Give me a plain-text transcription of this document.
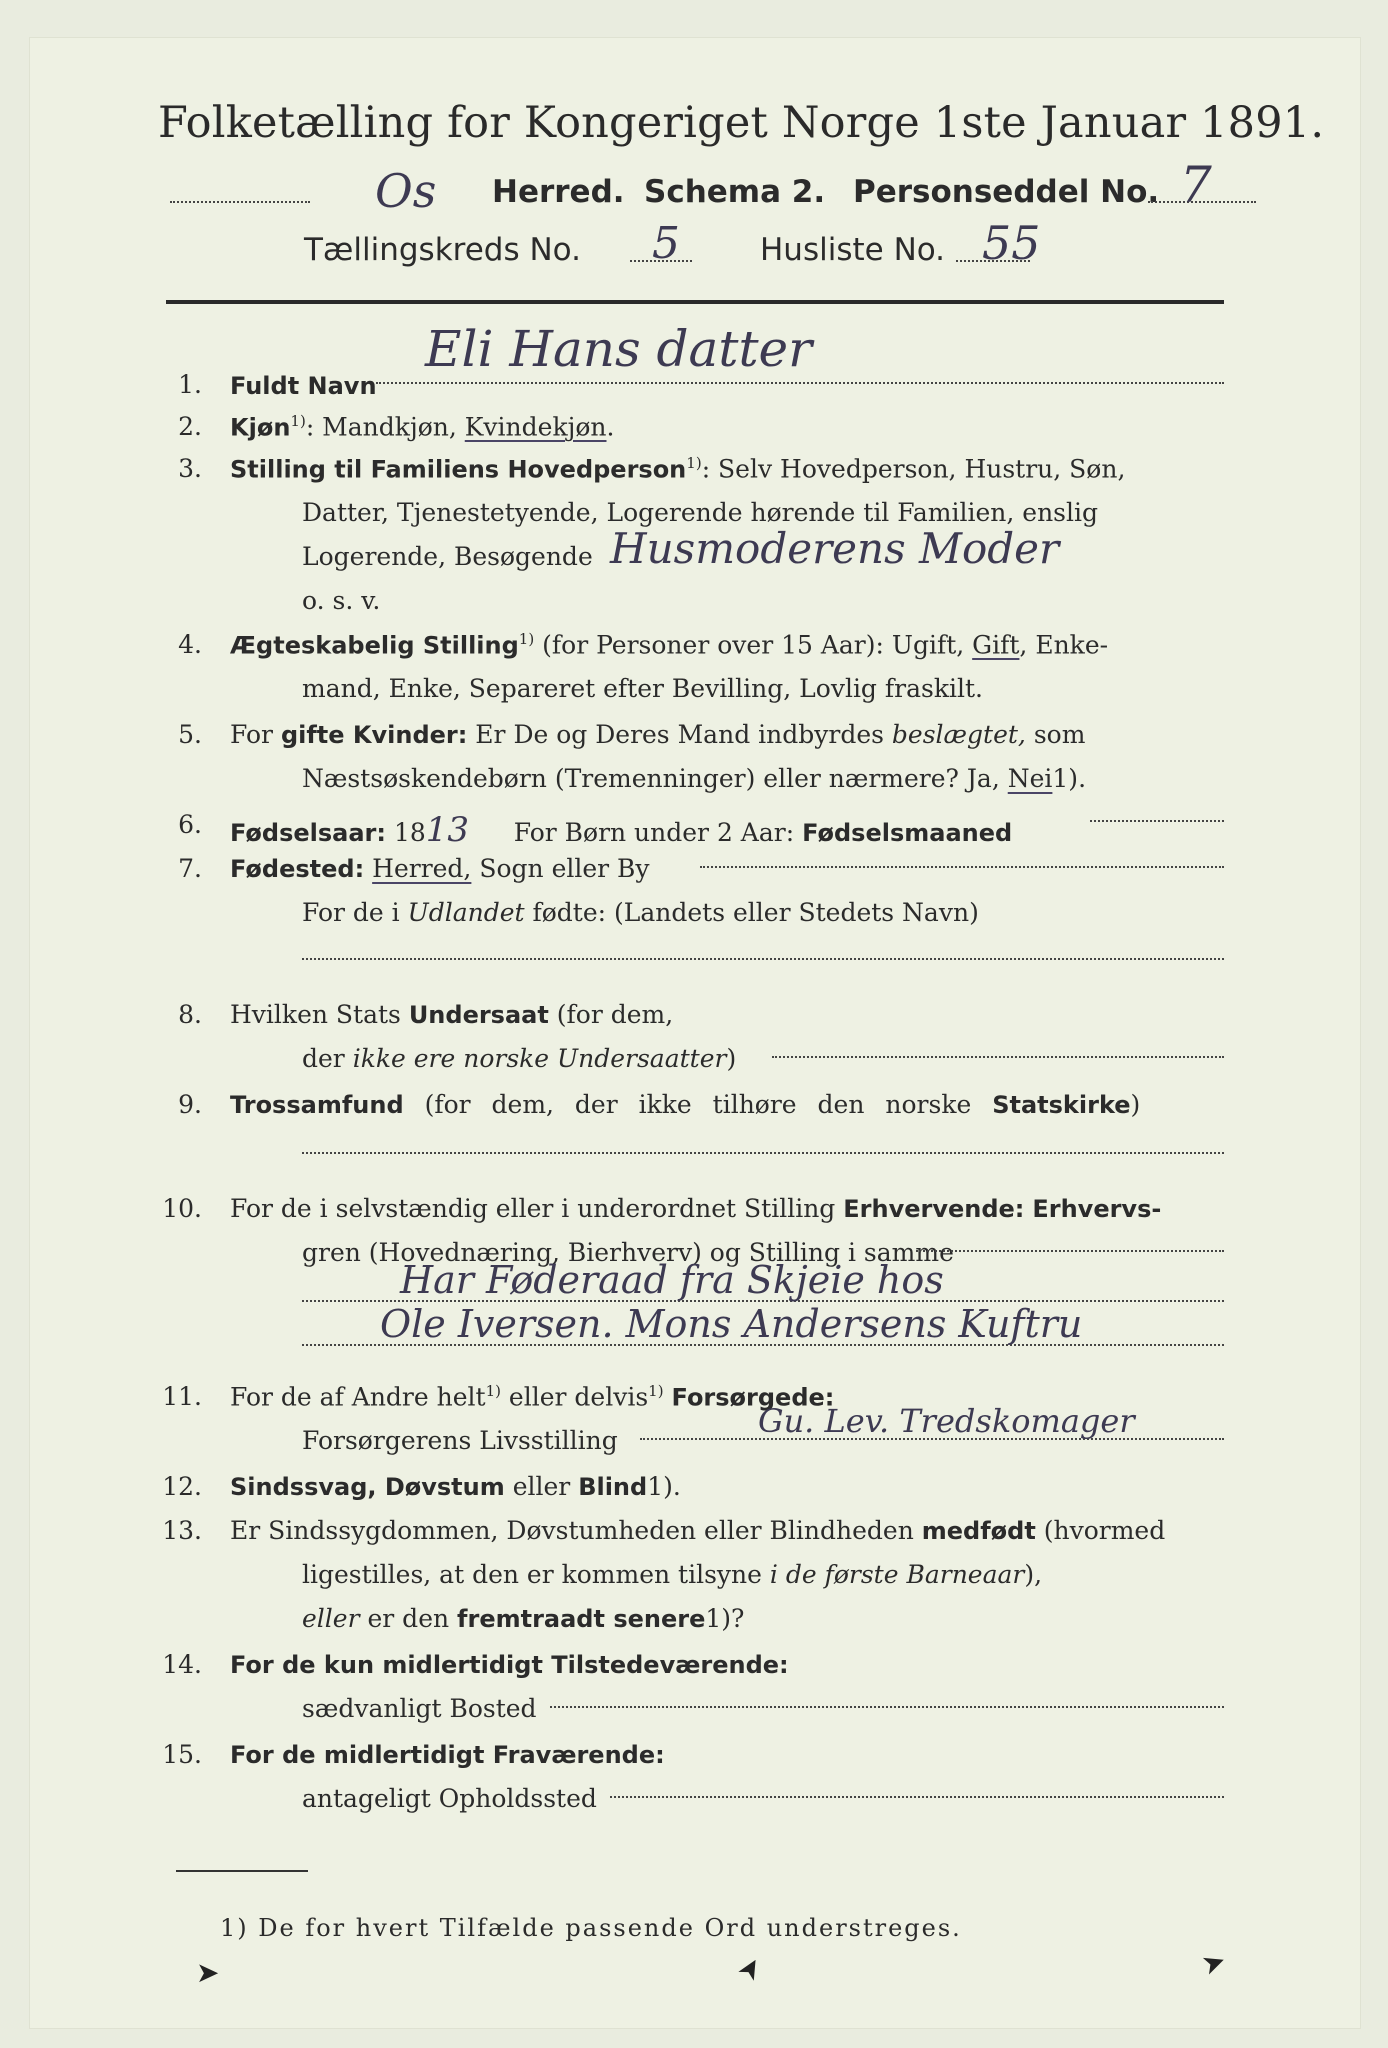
Folketælling for Kongeriget Norge 1ste Januar 1891.
Os Herred. Schema 2. Personseddel No. 7
Tællingskreds No. 5	Husliste No. 55
1. Fuldt Navn
Eli Hans datter
2. Kjøn$^{1)}$: Mandkjøn, Kvindekjøn.
3. Stilling til Familiens Hovedperson$^{1)}$: Selv Hovedperson, Hustru, Søn,
Datter, Tjenestetyende, Logerende hørende til Familien, enslig
Logerende, Besøgende Husmoderens Moder
o. s. v.
4. Ægteskabelig Stilling$^{1)}$ (for Personer over 15 Aar): Ugift, Gift, Enke-
mand, Enke, Separeret efter Bevilling, Lovlig fraskilt.
5. For gifte Kvinder: Er De og Deres Mand indbyrdes beslægtet, som
Næstsøskendebørn (Tremenninger) eller nærmere? Ja, Nei1).
6. Fødselsaar: 1813 For Børn under 2 Aar: Fødselsmaaned
7. Fødested: Herred, Sogn eller By
For de i Udlandet fødte: (Landets eller Stedets Navn)
8. Hvilken Stats Undersaat (for dem,
der ikke ere norske Undersaatter)
9. Trossamfund (for dem, der ikke tilhøre den norske Statskirke)
10. For de i selvstændig eller i underordnet Stilling Erhvervende: Erhvervs-
gren (Hovednæring, Bierhverv) og Stilling i samme
Har Føderaad fra Skjeie hos
Ole Iversen. Mons Andersens Kuftru
11. For de af Andre helt$^{1)}$ eller delvis$^{1)}$ Forsørgede:
Forsørgerens Livsstilling
Gu. Lev. Tredskomager
12. Sindssvag, Døvstum eller Blind1).
13. Er Sindssygdommen, Døvstumheden eller Blindheden medfødt (hvormed
ligestilles, at den er kommen tilsyne i de første Barneaar),
eller er den fremtraadt senere1)?
14. For de kun midlertidigt Tilstedeværende:
sædvanligt Bosted
15. For de midlertidigt Fraværende:
antageligt Opholdssted
1) De for hvert Tilfælde passende Ord understreges.
➤	➤	➤
